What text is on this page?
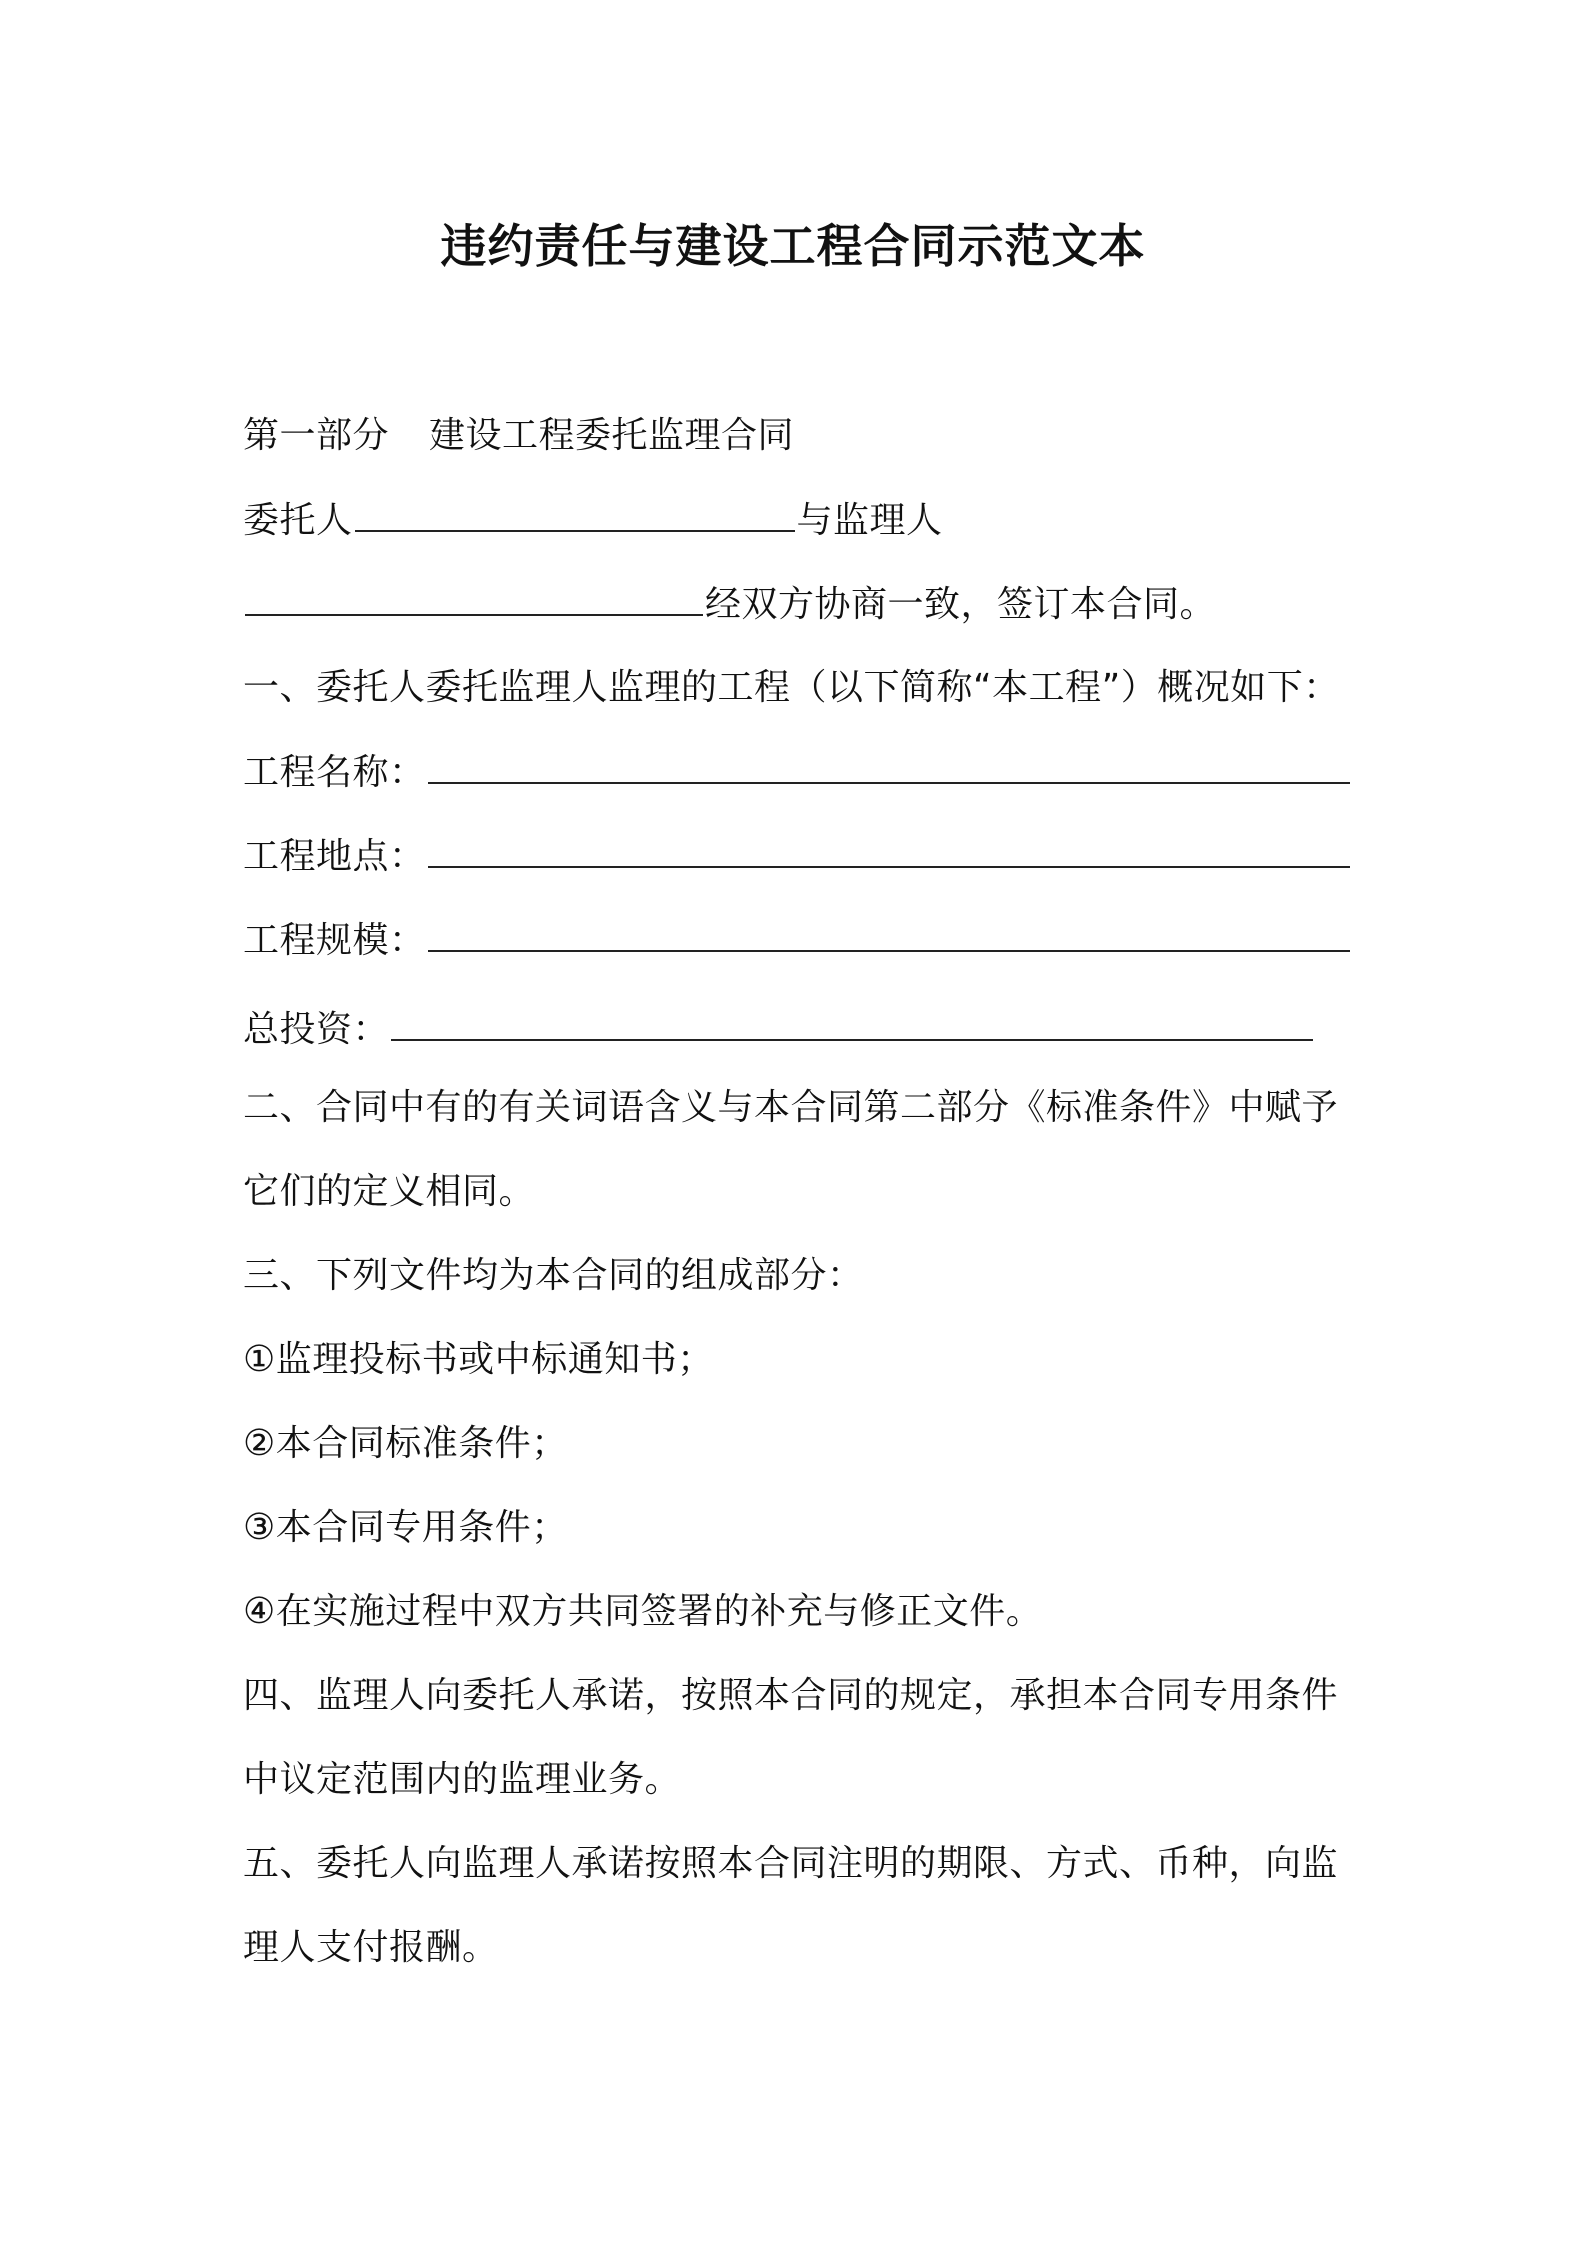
违约责任与建设工程合同示范文本
第一部分 建设工程委托监理合同
委托人	与监理人
经双方协商一致，签订本合同。
一、委托人委托监理人监理的工程（以下简称“本工程”）概况如下：
工程名称：
工程地点：
工程规模：
总投资：
二、合同中有的有关词语含义与本合同第二部分《标准条件》中赋予
它们的定义相同。
三、下列文件均为本合同的组成部分：
①监理投标书或中标通知书；
②本合同标准条件；
③本合同专用条件；
④在实施过程中双方共同签署的补充与修正文件。
四、监理人向委托人承诺，按照本合同的规定，承担本合同专用条件
中议定范围内的监理业务。
五、委托人向监理人承诺按照本合同注明的期限、方式、币种，向监
理人支付报酬。
